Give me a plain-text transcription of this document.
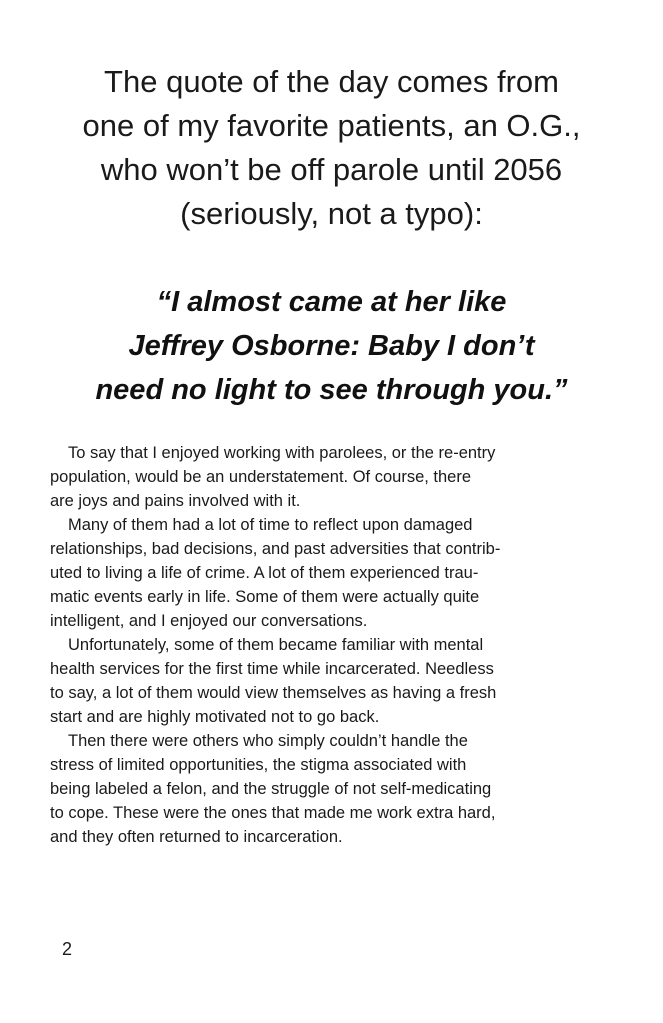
The quote of the day comes from
one of my favorite patients, an O.G.,
who won’t be off parole until 2056
(seriously, not a typo):
“I almost came at her like
Jeffrey Osborne: Baby I don’t
need no light to see through you.”
To say that I enjoyed working with parolees, or the re-entry
population, would be an understatement. Of course, there
are joys and pains involved with it.
Many of them had a lot of time to reflect upon damaged
relationships, bad decisions, and past adversities that contrib-
uted to living a life of crime. A lot of them experienced trau-
matic events early in life. Some of them were actually quite
intelligent, and I enjoyed our conversations.
Unfortunately, some of them became familiar with mental
health services for the first time while incarcerated. Needless
to say, a lot of them would view themselves as having a fresh
start and are highly motivated not to go back.
Then there were others who simply couldn’t handle the
stress of limited opportunities, the stigma associated with
being labeled a felon, and the struggle of not self-medicating
to cope. These were the ones that made me work extra hard,
and they often returned to incarceration.
2
